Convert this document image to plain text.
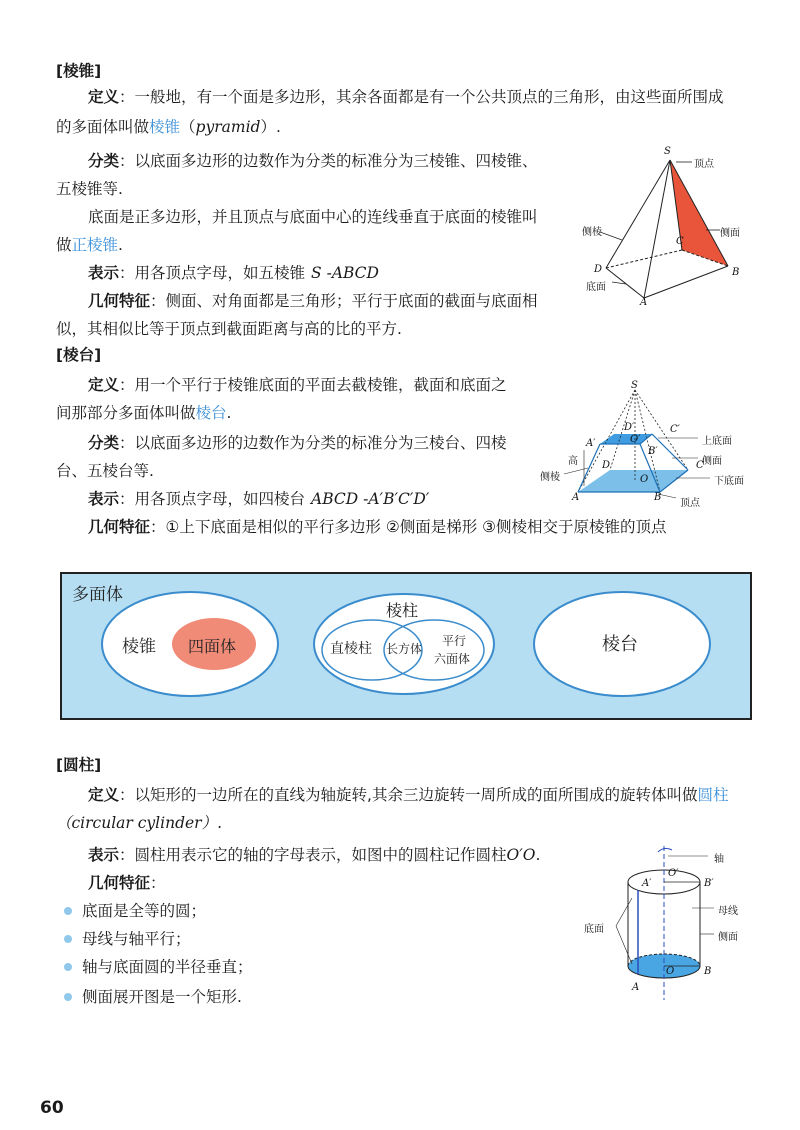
[棱锥]
定义：一般地，有一个面是多边形，其余各面都是有一个公共顶点的三角形，由这些面所围成
的多面体叫做棱锥（pyramid）.
分类：以底面多边形的边数作为分类的标准分为三棱锥、四棱锥、
五棱锥等.
底面是正多边形，并且顶点与底面中心的连线垂直于底面的棱锥叫
做正棱锥.
表示：用各顶点字母，如五棱锥 S -ABCD
几何特征：侧面、对角面都是三角形；平行于底面的截面与底面相
似，其相似比等于顶点到截面距离与高的比的平方.
S
顶点
侧棱	侧面
C
D	B
底面
A
[棱台]
定义：用一个平行于棱锥底面的平面去截棱锥，截面和底面之
间那部分多面体叫做棱台.
分类：以底面多边形的边数作为分类的标准分为三棱台、四棱
台、五棱台等.
表示：用各顶点字母，如四棱台 ABCD -A′B′C′D′
几何特征：①上下底面是相似的平行多边形 ②侧面是梯形 ③侧棱相交于原棱锥的顶点
S
D′	C′
O′
A′
B′
上底面
高	侧面
D	C
侧棱	O	下底面
A	B
顶点
多面体
棱锥 四面体
棱柱
直棱柱 长方体
平行
六面体
棱台
[圆柱]
定义：以矩形的一边所在的直线为轴旋转,其余三边旋转一周所成的面所围成的旋转体叫做圆柱
（circular cylinder）.
表示：圆柱用表示它的轴的字母表示，如图中的圆柱记作圆柱O′O.
几何特征：
底面是全等的圆；
母线与轴平行；
轴与底面圆的半径垂直；
侧面展开图是一个矩形.
O′
A′	B′
轴
母线
侧面
底面
O	B
A
60
